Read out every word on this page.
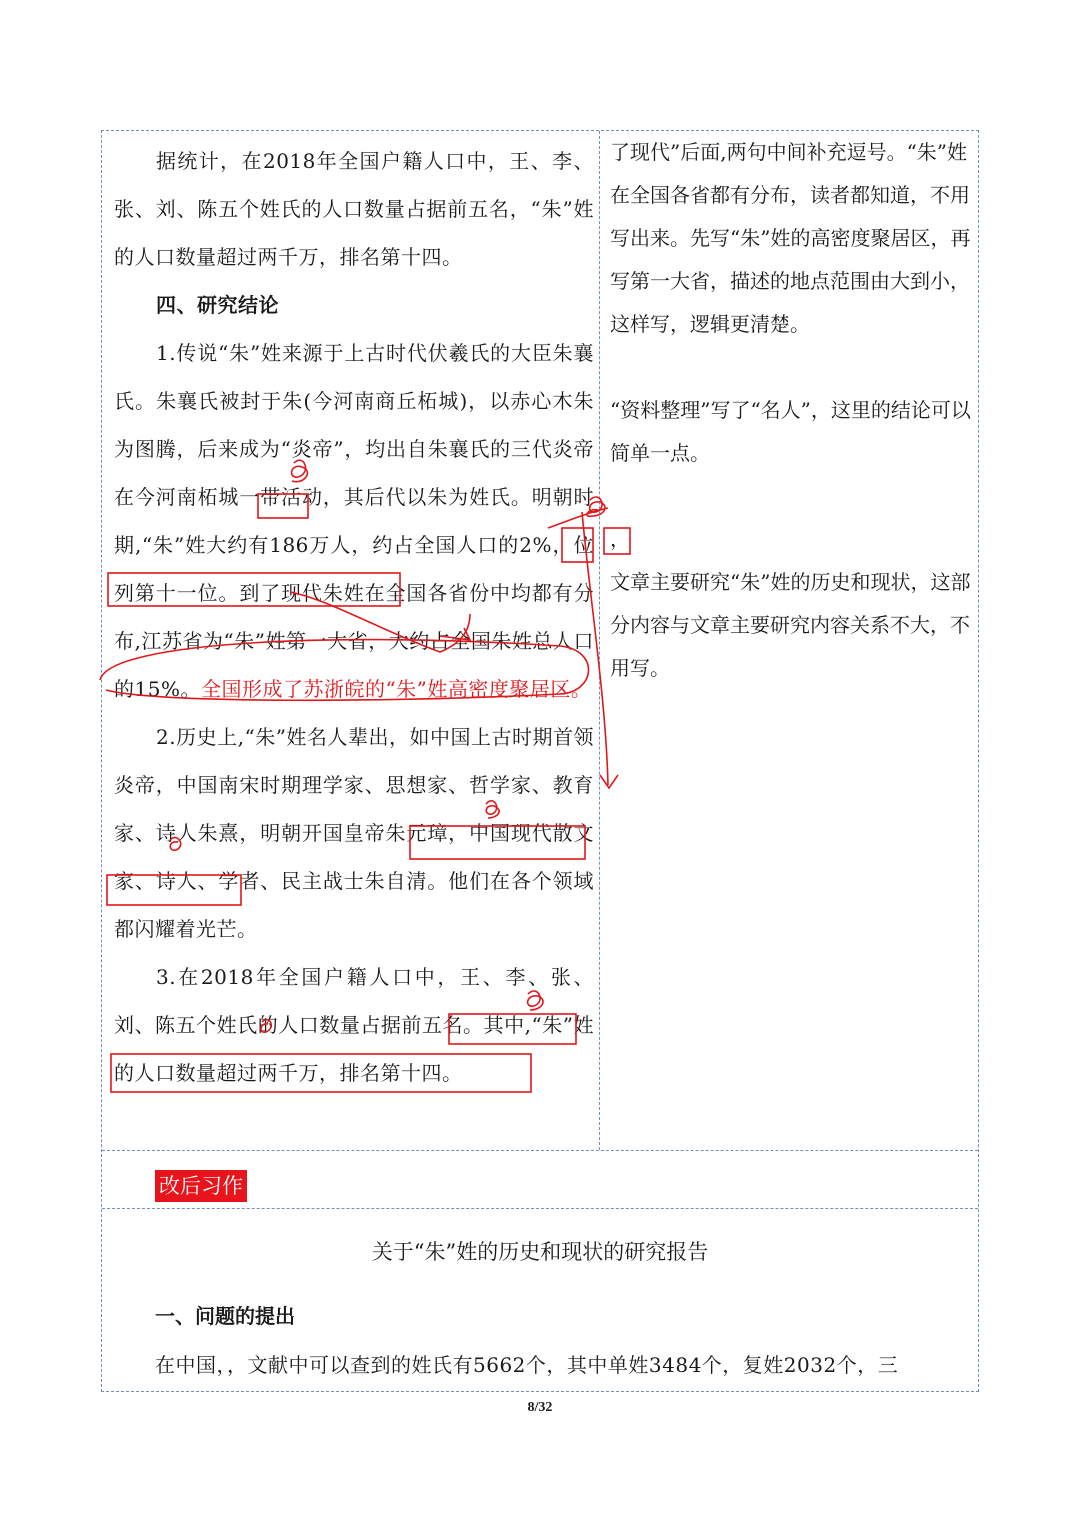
据统计，在2018年全国户籍人口中，王、李、张、刘、陈五个姓氏的人口数量占据前五名，“朱”姓的人口数量超过两千万，排名第十四。

四、研究结论

1.传说“朱”姓来源于上古时代伏羲氏的大臣朱襄氏。朱襄氏被封于朱(今河南商丘柘城)，以赤心木朱为图腾，后来成为“炎帝”，均出自朱襄氏的三代炎帝在今河南柘城一带活动，其后代以朱为姓氏。明朝时期,“朱”姓大约有186万人，约占全国人口的2%，位列第十一位。到了现代朱姓在全国各省份中均都有分布,江苏省为“朱”姓第一大省，大约占全国朱姓总人口的15%。全国形成了苏浙皖的“朱”姓高密度聚居区。

2.历史上,“朱”姓名人辈出，如中国上古时期首领炎帝，中国南宋时期理学家、思想家、哲学家、教育家、诗人朱熹，明朝开国皇帝朱元璋，中国现代散文家、诗人、学者、民主战士朱自清。他们在各个领域都闪耀着光芒。

3.在2018年全国户籍人口中，王、李、张、刘、陈五个姓氏的人口数量占据前五名。其中,“朱”姓的人口数量超过两千万，排名第十四。

了现代”后面,两句中间补充逗号。“朱”姓在全国各省都有分布，读者都知道，不用写出来。先写“朱”姓的高密度聚居区，再写第一大省，描述的地点范围由大到小，这样写，逻辑更清楚。

“资料整理”写了“名人”，这里的结论可以简单一点。

，

文章主要研究“朱”姓的历史和现状，这部分内容与文章主要研究内容关系不大，不用写。

改后习作
关于“朱”姓的历史和现状的研究报告
一、问题的提出
在中国，，文献中可以查到的姓氏有5662个，其中单姓3484个，复姓2032个，三
8/32
